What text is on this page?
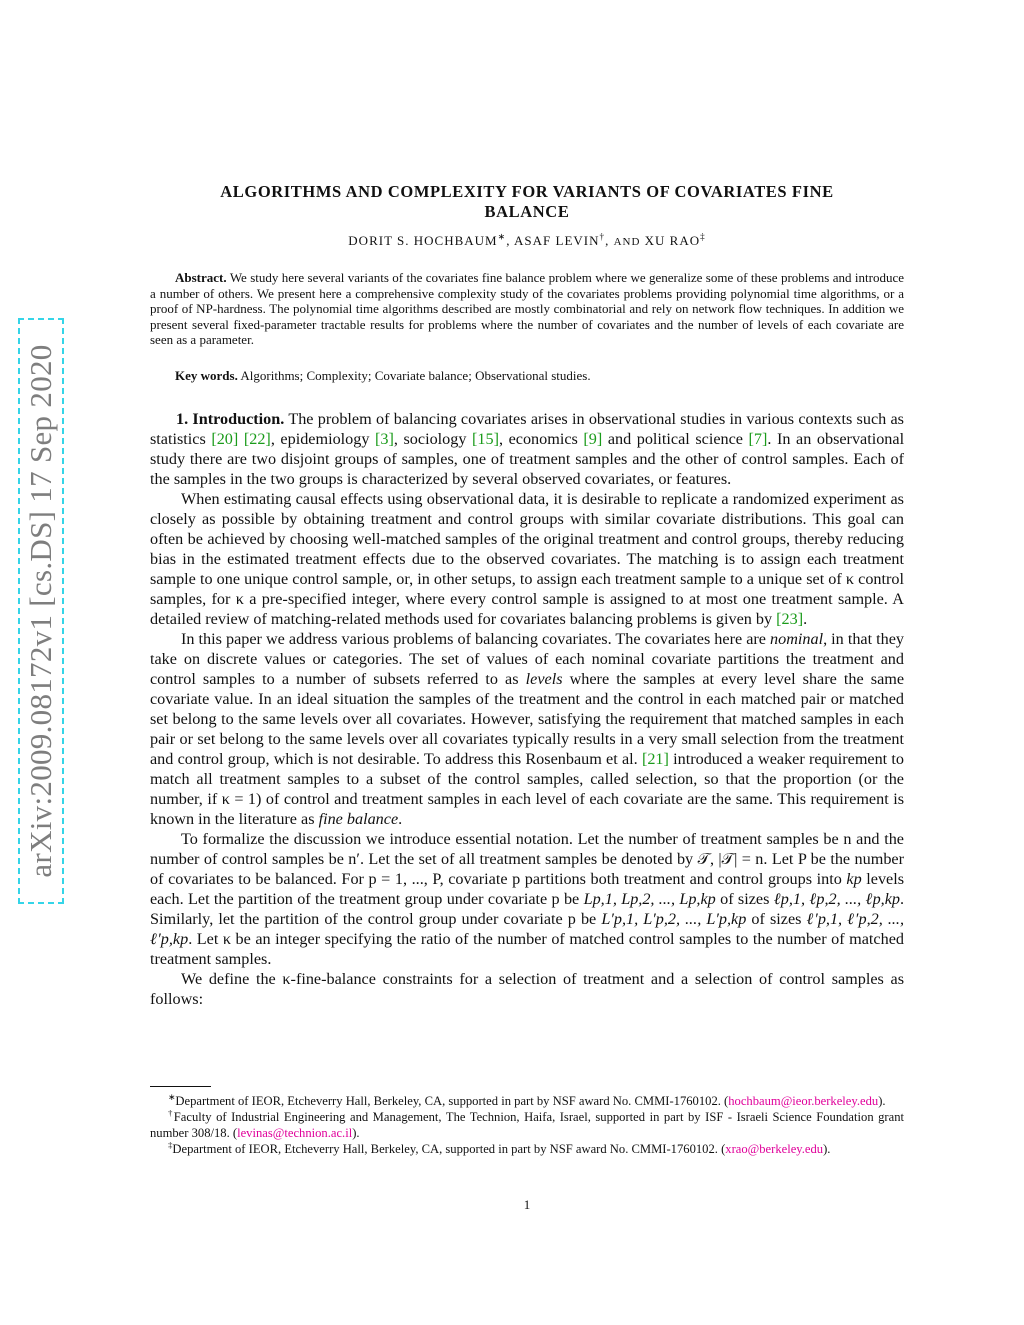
arXiv:2009.08172v1 [cs.DS] 17 Sep 2020
ALGORITHMS AND COMPLEXITY FOR VARIANTS OF COVARIATES FINE
BALANCE
DORIT S. HOCHBAUM∗, ASAF LEVIN†, AND XU RAO‡
Abstract. We study here several variants of the covariates fine balance problem where we generalize some of these problems and introduce a number of others. We present here a comprehensive complexity study of the covariates problems providing polynomial time algorithms, or a proof of NP-hardness. The polynomial time algorithms described are mostly combinatorial and rely on network flow techniques. In addition we present several fixed-parameter tractable results for problems where the number of covariates and the number of levels of each covariate are seen as a parameter.
Key words. Algorithms; Complexity; Covariate balance; Observational studies.

1. Introduction. The problem of balancing covariates arises in observational studies in various contexts such as statistics [20] [22], epidemiology [3], sociology [15], economics [9] and political science [7]. In an observational study there are two disjoint groups of samples, one of treatment samples and the other of control samples. Each of the samples in the two groups is characterized by several observed covariates, or features.

When estimating causal effects using observational data, it is desirable to replicate a randomized experiment as closely as possible by obtaining treatment and control groups with similar covariate distributions. This goal can often be achieved by choosing well-matched samples of the original treatment and control groups, thereby reducing bias in the estimated treatment effects due to the observed covariates. The matching is to assign each treatment sample to one unique control sample, or, in other setups, to assign each treatment sample to a unique set of κ control samples, for κ a pre-specified integer, where every control sample is assigned to at most one treatment sample. A detailed review of matching-related methods used for covariates balancing problems is given by [23].

In this paper we address various problems of balancing covariates. The covariates here are nominal, in that they take on discrete values or categories. The set of values of each nominal covariate partitions the treatment and control samples to a number of subsets referred to as levels where the samples at every level share the same covariate value. In an ideal situation the samples of the treatment and the control in each matched pair or matched set belong to the same levels over all covariates. However, satisfying the requirement that matched samples in each pair or set belong to the same levels over all covariates typically results in a very small selection from the treatment and control group, which is not desirable. To address this Rosenbaum et al. [21] introduced a weaker requirement to match all treatment samples to a subset of the control samples, called selection, so that the proportion (or the number, if κ = 1) of control and treatment samples in each level of each covariate are the same. This requirement is known in the literature as fine balance.

To formalize the discussion we introduce essential notation. Let the number of treatment samples be n and the number of control samples be n′. Let the set of all treatment samples be denoted by 𝒯, |𝒯| = n. Let P be the number of covariates to be balanced. For p = 1, ..., P, covariate p partitions both treatment and control groups into kp levels each. Let the partition of the treatment group under covariate p be Lp,1, Lp,2, ..., Lp,kp of sizes ℓp,1, ℓp,2, ..., ℓp,kp. Similarly, let the partition of the control group under covariate p be L′p,1, L′p,2, ..., L′p,kp of sizes ℓ′p,1, ℓ′p,2, ..., ℓ′p,kp. Let κ be an integer specifying the ratio of the number of matched control samples to the number of matched treatment samples.

We define the κ-fine-balance constraints for a selection of treatment and a selection of control samples as follows:

∗Department of IEOR, Etcheverry Hall, Berkeley, CA, supported in part by NSF award No. CMMI-1760102. (hochbaum@ieor.berkeley.edu).

†Faculty of Industrial Engineering and Management, The Technion, Haifa, Israel, supported in part by ISF - Israeli Science Foundation grant number 308/18. (levinas@technion.ac.il).

‡Department of IEOR, Etcheverry Hall, Berkeley, CA, supported in part by NSF award No. CMMI-1760102. (xrao@berkeley.edu).

1
